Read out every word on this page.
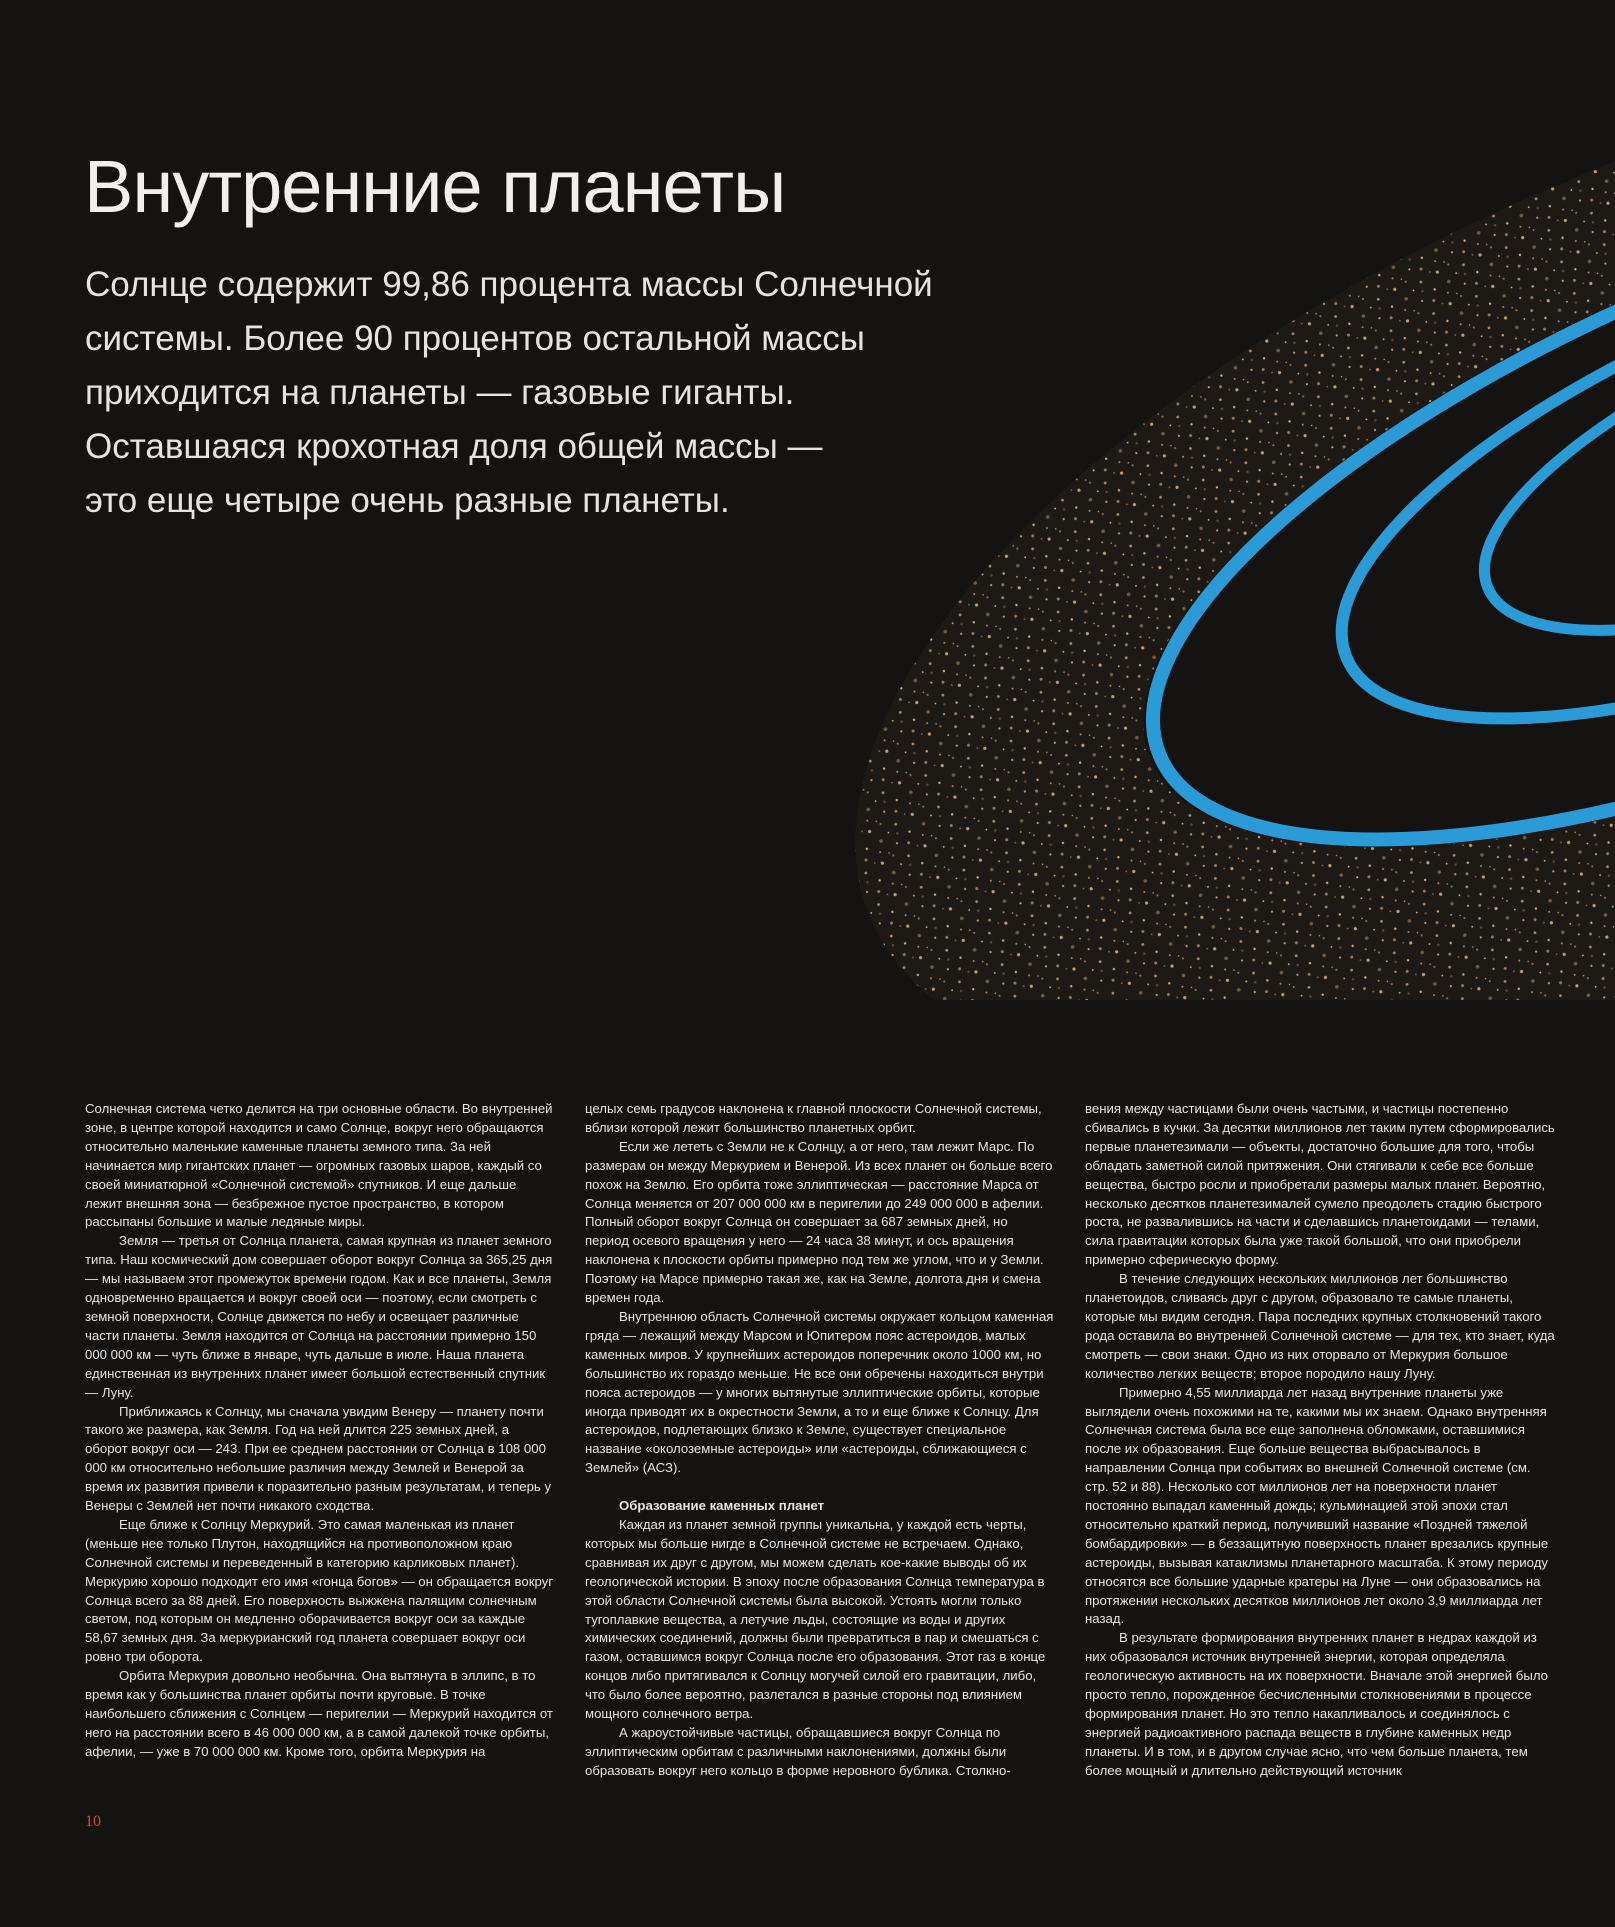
Внутренние планеты
Солнце содержит 99,86 процента массы Солнечной
системы. Более 90 процентов остальной массы
приходится на планеты — газовые гиганты.
Оставшаяся крохотная доля общей массы —
это еще четыре очень разные планеты.

Солнечная система четко делится на три основные области. Во внутренней зоне, в центре которой находится и само Солнце, вокруг него обращаются относительно маленькие каменные планеты земного типа. За ней начинается мир гигантских планет — огромных газовых шаров, каждый со своей миниатюрной «Солнечной системой» спутников. И еще дальше лежит внешняя зона — безбрежное пустое пространство, в котором рассыпаны большие и малые ледяные миры.

Земля — третья от Солнца планета, самая крупная из планет земного типа. Наш космический дом совершает оборот вокруг Солнца за 365,25 дня — мы называем этот промежуток времени годом. Как и все планеты, Земля одновременно вращается и вокруг своей оси — поэтому, если смотреть с земной поверхности, Солнце движется по небу и освещает различные части планеты. Земля находится от Солнца на расстоянии примерно 150 000 000 км — чуть ближе в январе, чуть дальше в июле. Наша планета единственная из внутренних планет имеет большой естественный спутник — Луну.

Приближаясь к Солнцу, мы сначала увидим Венеру — планету почти такого же размера, как Земля. Год на ней длится 225 земных дней, а оборот вокруг оси — 243. При ее среднем расстоянии от Солнца в 108 000 000 км относительно небольшие различия между Землей и Венерой за время их развития привели к поразительно разным результатам, и теперь у Венеры с Землей нет почти никакого сходства.

Еще ближе к Солнцу Меркурий. Это самая маленькая из планет (меньше нее только Плутон, находящийся на противоположном краю Солнечной системы и переведенный в категорию карликовых планет). Меркурию хорошо подходит его имя «гонца богов» — он обращается вокруг Солнца всего за 88 дней. Его поверхность выжжена палящим солнечным светом, под которым он медленно оборачивается вокруг оси за каждые 58,67 земных дня. За меркурианский год планета совершает вокруг оси ровно три оборота.

Орбита Меркурия довольно необычна. Она вытянута в эллипс, в то время как у большинства планет орбиты почти круговые. В точке наибольшего сближения с Солнцем — перигелии — Меркурий находится от него на расстоянии всего в 46 000 000 км, а в самой далекой точке орбиты, афелии, — уже в 70 000 000 км. Кроме того, орбита Меркурия на

целых семь градусов наклонена к главной плоскости Солнечной системы, вблизи которой лежит большинство планетных орбит.

Если же лететь с Земли не к Солнцу, а от него, там лежит Марс. По размерам он между Меркурием и Венерой. Из всех планет он больше всего похож на Землю. Его орбита тоже эллиптическая — расстояние Марса от Солнца меняется от 207 000 000 км в перигелии до 249 000 000 в афелии. Полный оборот вокруг Солнца он совершает за 687 земных дней, но период осевого вращения у него — 24 часа 38 минут, и ось вращения наклонена к плоскости орбиты примерно под тем же углом, что и у Земли. Поэтому на Марсе примерно такая же, как на Земле, долгота дня и смена времен года.

Внутреннюю область Солнечной системы окружает кольцом каменная гряда — лежащий между Марсом и Юпитером пояс астероидов, малых каменных миров. У крупнейших астероидов поперечник около 1000 км, но большинство их гораздо меньше. Не все они обречены находиться внутри пояса астероидов — у многих вытянутые эллиптические орбиты, которые иногда приводят их в окрестности Земли, а то и еще ближе к Солнцу. Для астероидов, подлетающих близко к Земле, существует специальное название «околоземные астероиды» или «астероиды, сближающиеся с Землей» (АСЗ).

Образование каменных планет

Каждая из планет земной группы уникальна, у каждой есть черты, которых мы больше нигде в Солнечной системе не встречаем. Однако, сравнивая их друг с другом, мы можем сделать кое-какие выводы об их геологической истории. В эпоху после образования Солнца температура в этой области Солнечной системы была высокой. Устоять могли только тугоплавкие вещества, а летучие льды, состоящие из воды и других химических соединений, должны были превратиться в пар и смешаться с газом, оставшимся вокруг Солнца после его образования. Этот газ в конце концов либо притягивался к Солнцу могучей силой его гравитации, либо, что было более вероятно, разлетался в разные стороны под влиянием мощного солнечного ветра.

А жароустойчивые частицы, обращавшиеся вокруг Солнца по эллиптическим орбитам с различными наклонениями, должны были образовать вокруг него кольцо в форме неровного бублика. Столкно-

вения между частицами были очень частыми, и частицы постепенно сбивались в кучки. За десятки миллионов лет таким путем сформировались первые планетезимали — объекты, достаточно большие для того, чтобы обладать заметной силой притяжения. Они стягивали к себе все больше вещества, быстро росли и приобретали размеры малых планет. Вероятно, несколько десятков планетезималей сумело преодолеть стадию быстрого роста, не развалившись на части и сделавшись планетоидами — телами, сила гравитации которых была уже такой большой, что они приобрели примерно сферическую форму.

В течение следующих нескольких миллионов лет большинство планетоидов, сливаясь друг с другом, образовало те самые планеты, которые мы видим сегодня. Пара последних крупных столкновений такого рода оставила во внутренней Солнечной системе — для тех, кто знает, куда смотреть — свои знаки. Одно из них оторвало от Меркурия большое количество легких веществ; второе породило нашу Луну.

Примерно 4,55 миллиарда лет назад внутренние планеты уже выглядели очень похожими на те, какими мы их знаем. Однако внутренняя Солнечная система была все еще заполнена обломками, оставшимися после их образования. Еще больше вещества выбрасывалось в направлении Солнца при событиях во внешней Солнечной системе (см. стр. 52 и 88). Несколько сот миллионов лет на поверхности планет постоянно выпадал каменный дождь; кульминацией этой эпохи стал относительно краткий период, получивший название «Поздней тяжелой бомбардировки» — в беззащитную поверхность планет врезались крупные астероиды, вызывая катаклизмы планетарного масштаба. К этому периоду относятся все большие ударные кратеры на Луне — они образовались на протяжении нескольких десятков миллионов лет около 3,9 миллиарда лет назад.

В результате формирования внутренних планет в недрах каждой из них образовался источник внутренней энергии, которая определяла геологическую активность на их поверхности. Вначале этой энергией было просто тепло, порожденное бесчисленными столкновениями в процессе формирования планет. Но это тепло накапливалось и соединялось с энергией радиоактивного распада веществ в глубине каменных недр планеты. И в том, и в другом случае ясно, что чем больше планета, тем более мощный и длительно действующий источник

10
